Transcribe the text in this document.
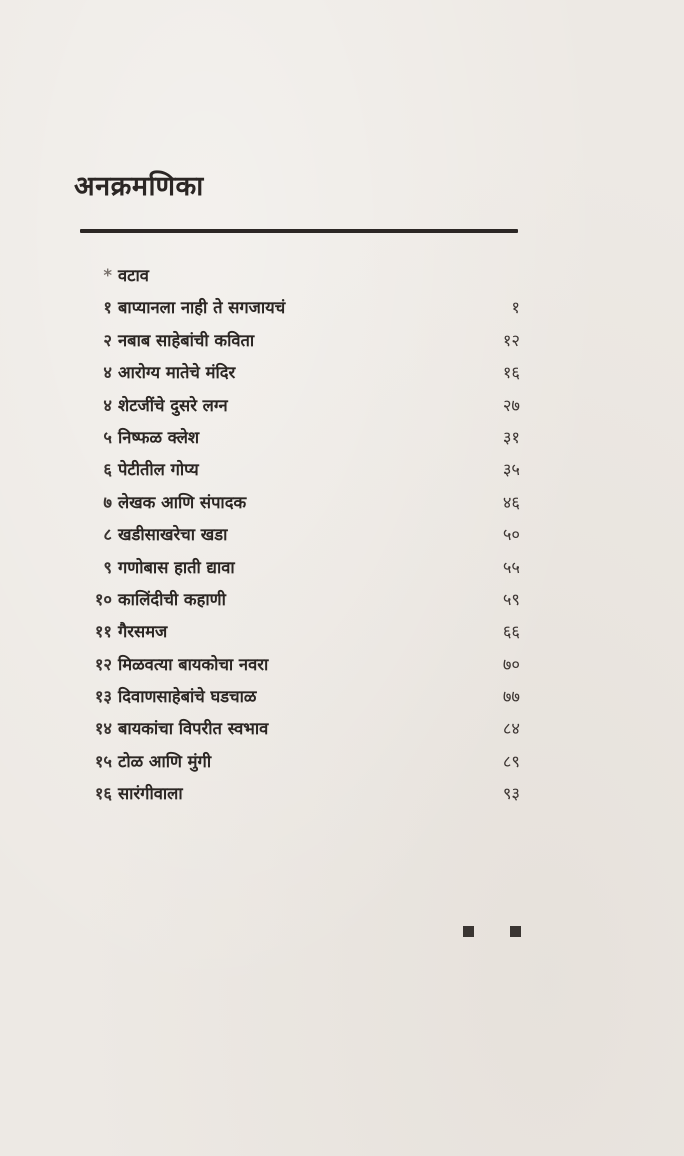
अनक्रमणिका
* वटाव
१ बाप्यानला नाही ते सगजायचं	१
२ नबाब साहेबांची कविता	१२
४ आरोग्य मातेचे मंदिर	१६
४ शेटजींचे दुसरे लग्न	२७
५ निष्फळ क्लेश	३१
६ पेटीतील गोप्य	३५
७ लेखक आणि संपादक	४६
८ खडीसाखरेचा खडा	५०
९ गणोबास हाती द्यावा	५५
१० कालिंदीची कहाणी	५९
११ गैरसमज	६६
१२ मिळवत्या बायकोचा नवरा	७०
१३ दिवाणसाहेबांचे घडचाळ	७७
१४ बायकांचा विपरीत स्वभाव	८४
१५ टोळ आणि मुंगी	८९
१६ सारंगीवाला	९३
